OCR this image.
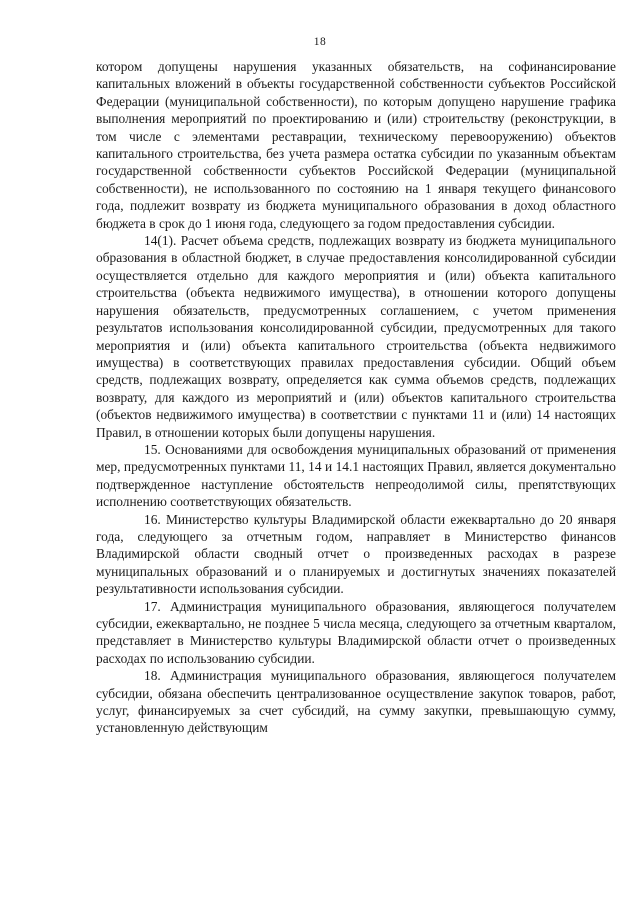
18

котором допущены нарушения указанных обязательств, на софинансирование капитальных вложений в объекты государственной собственности субъектов Российской Федерации (муниципальной собственности), по которым допущено нарушение графика выполнения мероприятий по проектированию и (или) строительству (реконструкции, в том числе с элементами реставрации, техническому перевооружению) объектов капитального строительства, без учета размера остатка субсидии по указанным объектам государственной собственности субъектов Российской Федерации (муниципальной собственности), не использованного по состоянию на 1 января текущего финансового года, подлежит возврату из бюджета муниципального образования в доход областного бюджета в срок до 1 июня года, следующего за годом предоставления субсидии.

14(1). Расчет объема средств, подлежащих возврату из бюджета муниципального образования в областной бюджет, в случае предоставления консолидированной субсидии осуществляется отдельно для каждого мероприятия и (или) объекта капитального строительства (объекта недвижимого имущества), в отношении которого допущены нарушения обязательств, предусмотренных соглашением, с учетом применения результатов использования консолидированной субсидии, предусмотренных для такого мероприятия и (или) объекта капитального строительства (объекта недвижимого имущества) в соответствующих правилах предоставления субсидии. Общий объем средств, подлежащих возврату, определяется как сумма объемов средств, подлежащих возврату, для каждого из мероприятий и (или) объектов капитального строительства (объектов недвижимого имущества) в соответствии с пунктами 11 и (или) 14 настоящих Правил, в отношении которых были допущены нарушения.

15. Основаниями для освобождения муниципальных образований от применения мер, предусмотренных пунктами 11, 14 и 14.1 настоящих Правил, является документально подтвержденное наступление обстоятельств непреодолимой силы, препятствующих исполнению соответствующих обязательств.

16. Министерство культуры Владимирской области ежеквартально до 20 января года, следующего за отчетным годом, направляет в Министерство финансов Владимирской области сводный отчет о произведенных расходах в разрезе муниципальных образований и о планируемых и достигнутых значениях показателей результативности использования субсидии.

17. Администрация муниципального образования, являющегося получателем субсидии, ежеквартально, не позднее 5 числа месяца, следующего за отчетным кварталом, представляет в Министерство культуры Владимирской области отчет о произведенных расходах по использованию субсидии.

18. Администрация муниципального образования, являющегося получателем субсидии, обязана обеспечить централизованное осуществление закупок товаров, работ, услуг, финансируемых за счет субсидий, на сумму закупки, превышающую сумму, установленную действующим
